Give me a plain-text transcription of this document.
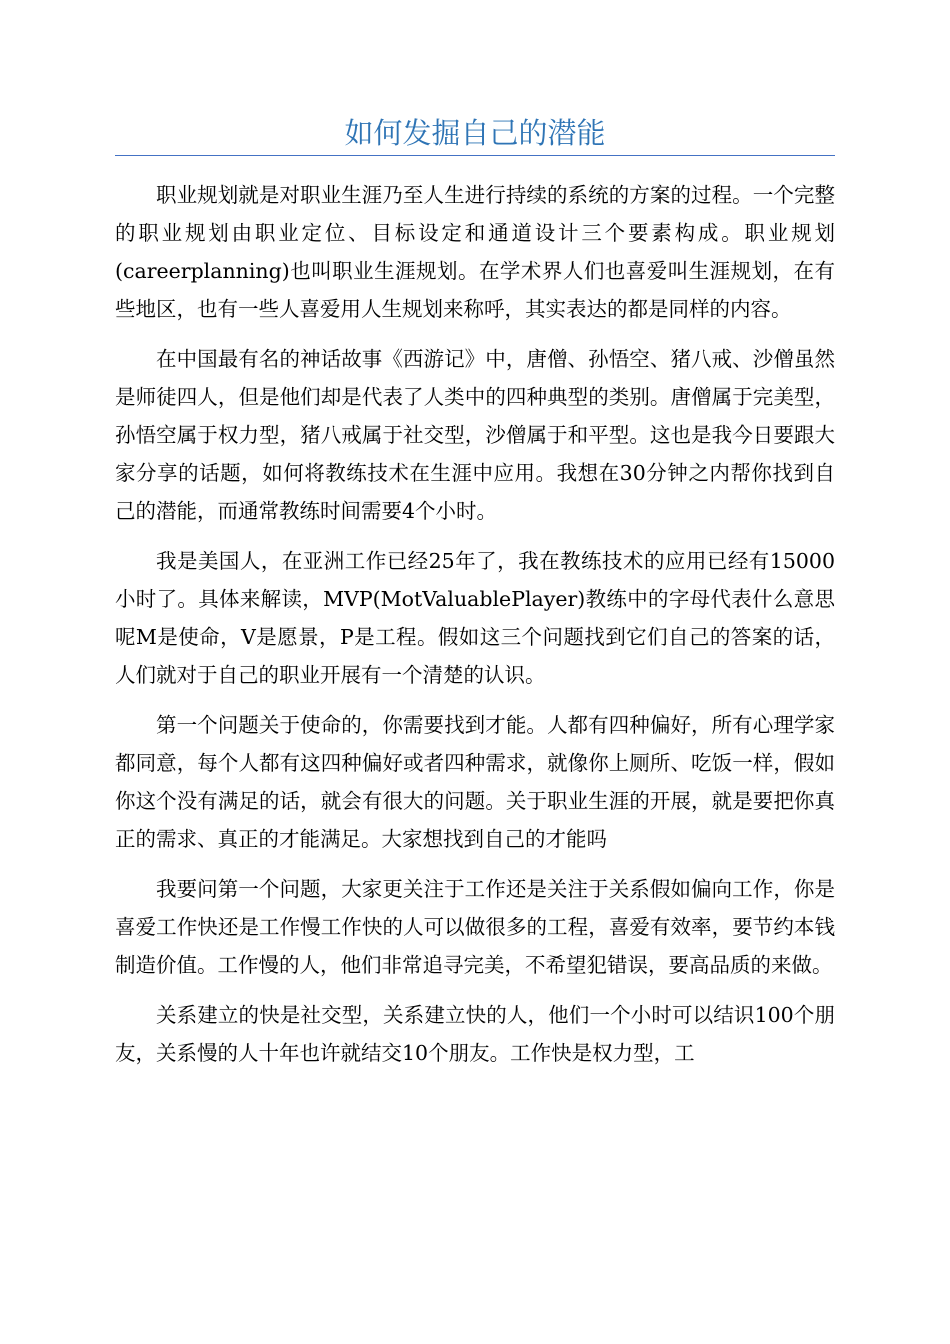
如何发掘自己的潜能

职业规划就是对职业生涯乃至人生进行持续的系统的方案的过程。一个完整的职业规划由职业定位、目标设定和通道设计三个要素构成。职业规划(careerplanning)也叫职业生涯规划。在学术界人们也喜爱叫生涯规划，在有些地区，也有一些人喜爱用人生规划来称呼，其实表达的都是同样的内容。

在中国最有名的神话故事《西游记》中，唐僧、孙悟空、猪八戒、沙僧虽然是师徒四人，但是他们却是代表了人类中的四种典型的类别。唐僧属于完美型，孙悟空属于权力型，猪八戒属于社交型，沙僧属于和平型。这也是我今日要跟大家分享的话题，如何将教练技术在生涯中应用。我想在30分钟之内帮你找到自己的潜能，而通常教练时间需要4个小时。

我是美国人，在亚洲工作已经25年了，我在教练技术的应用已经有15000小时了。具体来解读，MVP(MotValuablePlayer)教练中的字母代表什么意思呢M是使命，V是愿景，P是工程。假如这三个问题找到它们自己的答案的话，人们就对于自己的职业开展有一个清楚的认识。

第一个问题关于使命的，你需要找到才能。人都有四种偏好，所有心理学家都同意，每个人都有这四种偏好或者四种需求，就像你上厕所、吃饭一样，假如你这个没有满足的话，就会有很大的问题。关于职业生涯的开展，就是要把你真正的需求、真正的才能满足。大家想找到自己的才能吗

我要问第一个问题，大家更关注于工作还是关注于关系假如偏向工作，你是喜爱工作快还是工作慢工作快的人可以做很多的工程，喜爱有效率，要节约本钱制造价值。工作慢的人，他们非常追寻完美，不希望犯错误，要高品质的来做。

关系建立的快是社交型，关系建立快的人，他们一个小时可以结识100个朋友，关系慢的人十年也许就结交10个朋友。工作快是权力型，工
